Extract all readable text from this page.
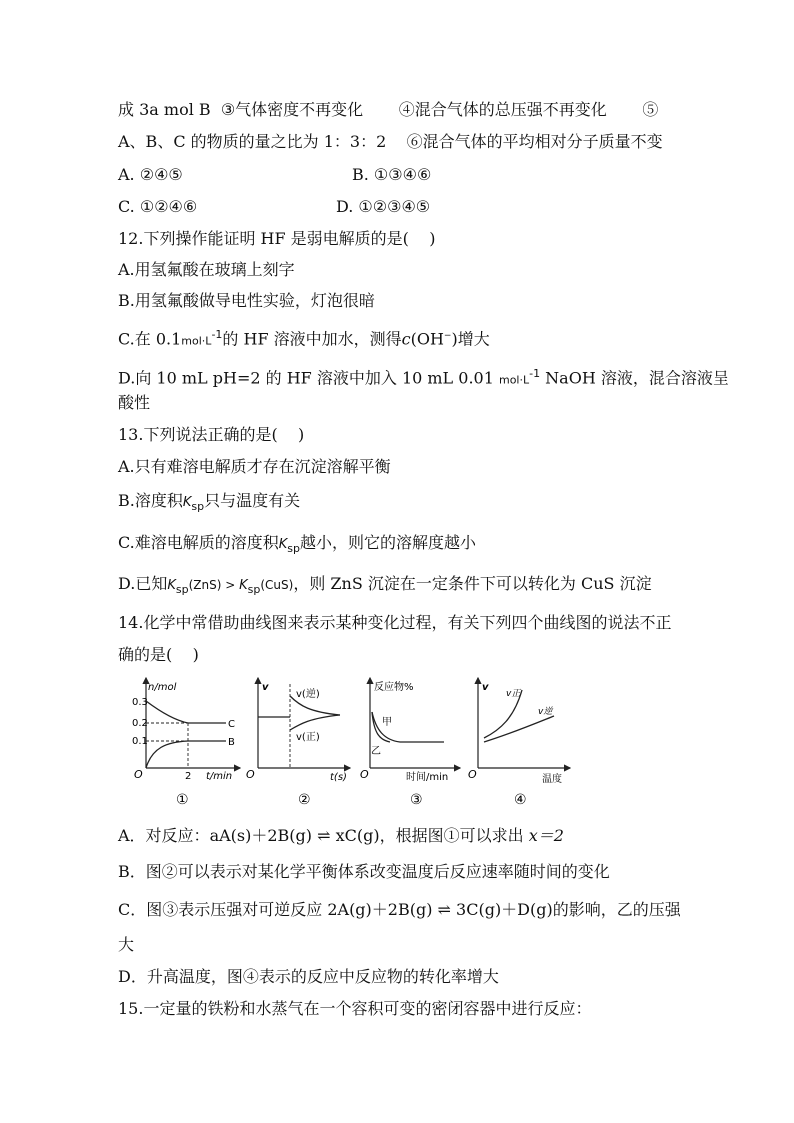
成 3a mol B  ③气体密度不再变化       ④混合气体的总压强不再变化       ⑤
A、B、C 的物质的量之比为 1：3：2    ⑥混合气体的平均相对分子质量不变
A. ②④⑤	B. ①③④⑥
C. ①②④⑥	D. ①②③④⑤
12.下列操作能证明 HF 是弱电解质的是(    )
A.用氢氟酸在玻璃上刻字
B.用氢氟酸做导电性实验，灯泡很暗
C.在 $0.1mol\cdot L^{-1}$的 HF 溶液中加水，测得c(OH−)增大
D.向 10 mL pH=2 的 HF 溶液中加入 10 mL 0.01 $mol\cdot L^{-1}$ NaOH 溶液，混合溶液呈
酸性
13.下列说法正确的是(    )
A.只有难溶电解质才存在沉淀溶解平衡
B.溶度积$K_{sp}$只与温度有关
C.难溶电解质的溶度积$K_{sp}$越小，则它的溶解度越小
D.已知$K_{sp}(ZnS) > K_{sp}(CuS)$，则 ZnS 沉淀在一定条件下可以转化为 CuS 沉淀
14.化学中常借助曲线图来表示某种变化过程，有关下列四个曲线图的说法不正
确的是(    )
n/mol
0.3
0.2
0.1
C
B
2 t/min
O
①
v
v(逆)
v(正)
t(s)
O
②
反应物%
甲
乙
时间/min
O
③
v
v正
v逆
温度
O
④
A．对反应：aA(s)＋2B(g) ⇌ xC(g)，根据图①可以求出 x＝2
B．图②可以表示对某化学平衡体系改变温度后反应速率随时间的变化
C．图③表示压强对可逆反应 2A(g)＋2B(g) ⇌ 3C(g)＋D(g)的影响，乙的压强
大
D．升高温度，图④表示的反应中反应物的转化率增大
15.一定量的铁粉和水蒸气在一个容积可变的密闭容器中进行反应：
